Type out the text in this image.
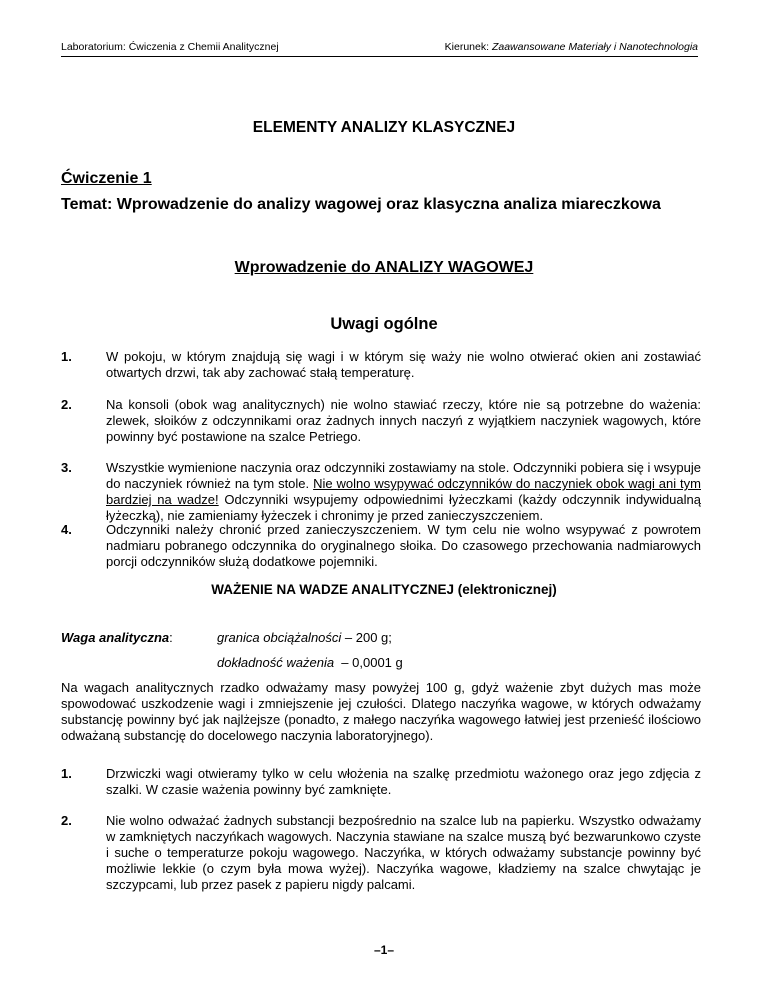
Laboratorium: Ćwiczenia z Chemii Analitycznej	Kierunek: Zaawansowane Materiały i Nanotechnologia
ELEMENTY ANALIZY KLASYCZNEJ
Ćwiczenie 1
Temat: Wprowadzenie do analizy wagowej oraz klasyczna analiza miareczkowa
Wprowadzenie do ANALIZY WAGOWEJ
Uwagi ogólne
1.	W pokoju, w którym znajdują się wagi i w którym się waży nie wolno otwierać okien ani zostawiać otwartych drzwi, tak aby zachować stałą temperaturę.
2.	Na konsoli (obok wag analitycznych) nie wolno stawiać rzeczy, które nie są potrzebne do ważenia: zlewek, słoików z odczynnikami oraz żadnych innych naczyń z wyjątkiem naczyniek wagowych, które powinny być postawione na szalce Petriego.
3.	Wszystkie wymienione naczynia oraz odczynniki zostawiamy na stole. Odczynniki pobiera się i wsypuje do naczyniek również na tym stole. Nie wolno wsypywać odczynników do naczyniek obok wagi ani tym bardziej na wadze! Odczynniki wsypujemy odpowiednimi łyżeczkami (każdy odczynnik indywidualną łyżeczką), nie zamieniamy łyżeczek i chronimy je przed zanieczyszczeniem.
4.	Odczynniki należy chronić przed zanieczyszczeniem. W tym celu nie wolno wsypywać z powrotem nadmiaru pobranego odczynnika do oryginalnego słoika. Do czasowego przechowania nadmiarowych porcji odczynników służą dodatkowe pojemniki.
WAŻENIE NA WADZE ANALITYCZNEJ (elektronicznej)
Waga analityczna:	granica obciążalności – 200 g;
dokładność ważenia  – 0,0001 g
Na wagach analitycznych rzadko odważamy masy powyżej 100 g, gdyż ważenie zbyt dużych mas może spowodować uszkodzenie wagi i zmniejszenie jej czułości. Dlatego naczyńka wagowe, w których odważamy substancję powinny być jak najlżejsze (ponadto, z małego naczyńka wagowego łatwiej jest przenieść ilościowo odważaną substancję do docelowego naczynia laboratoryjnego).
1.	Drzwiczki wagi otwieramy tylko w celu włożenia na szalkę przedmiotu ważonego oraz jego zdjęcia z szalki. W czasie ważenia powinny być zamknięte.
2.	Nie wolno odważać żadnych substancji bezpośrednio na szalce lub na papierku. Wszystko odważamy w zamkniętych naczyńkach wagowych. Naczynia stawiane na szalce muszą być bezwarunkowo czyste i suche o temperaturze pokoju wagowego. Naczyńka, w których odważamy substancje powinny być możliwie lekkie (o czym była mowa wyżej). Naczyńka wagowe, kładziemy na szalce chwytając je szczypcami, lub przez pasek z papieru nigdy palcami.
–1–
